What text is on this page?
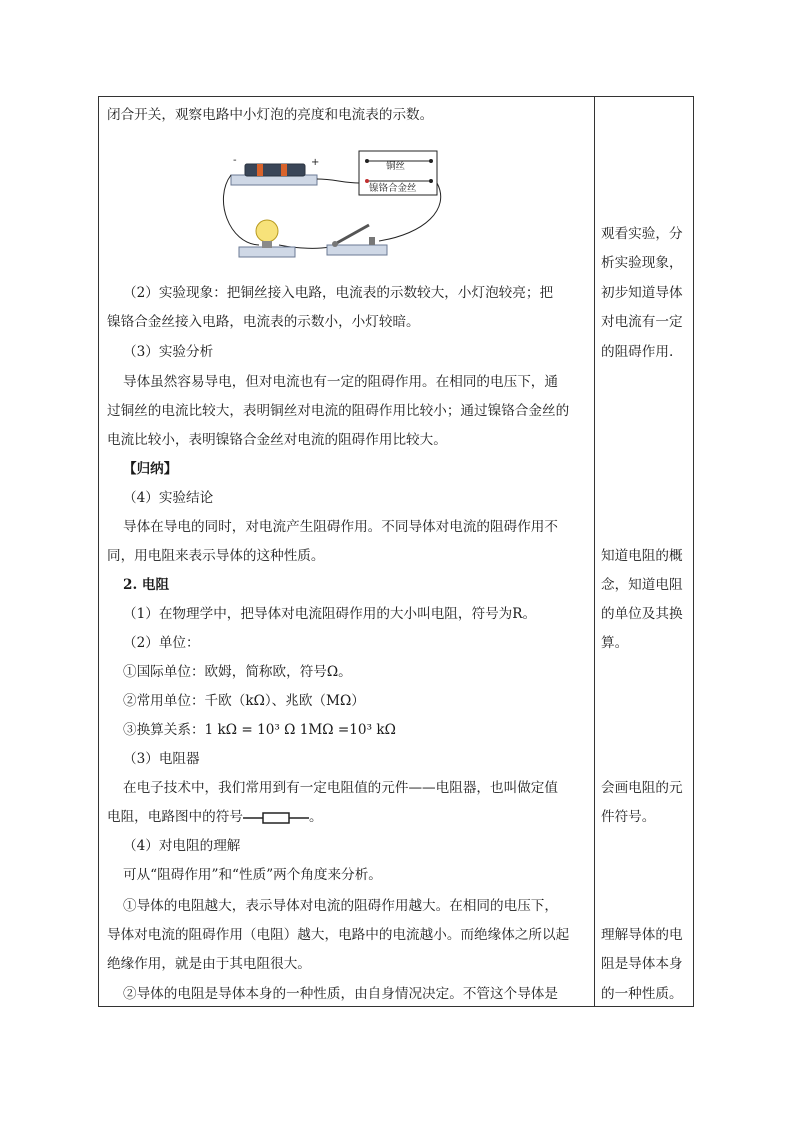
闭合开关，观察电路中小灯泡的亮度和电流表的示数。
-	+	铜丝
镍铬合金丝
（2）实验现象：把铜丝接入电路，电流表的示数较大，小灯泡较亮；把
镍铬合金丝接入电路，电流表的示数小，小灯较暗。
（3）实验分析
导体虽然容易导电，但对电流也有一定的阻碍作用。在相同的电压下，通
过铜丝的电流比较大，表明铜丝对电流的阻碍作用比较小；通过镍铬合金丝的
电流比较小，表明镍铬合金丝对电流的阻碍作用比较大。
【归纳】
（4）实验结论
导体在导电的同时，对电流产生阻碍作用。不同导体对电流的阻碍作用不
同，用电阻来表示导体的这种性质。
2. 电阻
（1）在物理学中，把导体对电流阻碍作用的大小叫电阻，符号为R。
（2）单位：
①国际单位：欧姆，简称欧，符号Ω。
②常用单位：千欧（kΩ）、兆欧（MΩ）
③换算关系：1 kΩ = 10³ Ω 1MΩ =10³ kΩ
（3）电阻器
在电子技术中，我们常用到有一定电阻值的元件——电阻器，也叫做定值
电阻，电路图中的符号	。
（4）对电阻的理解
可从“阻碍作用”和“性质”两个角度来分析。
①导体的电阻越大，表示导体对电流的阻碍作用越大。在相同的电压下，
导体对电流的阻碍作用（电阻）越大，电路中的电流越小。而绝缘体之所以起
绝缘作用，就是由于其电阻很大。
②导体的电阻是导体本身的一种性质，由自身情况决定。不管这个导体是
观看实验，分
析实验现象，
初步知道导体
对电流有一定
的阻碍作用.
知道电阻的概
念，知道电阻
的单位及其换
算。
会画电阻的元
件符号。
理解导体的电
阻是导体本身
的一种性质。
